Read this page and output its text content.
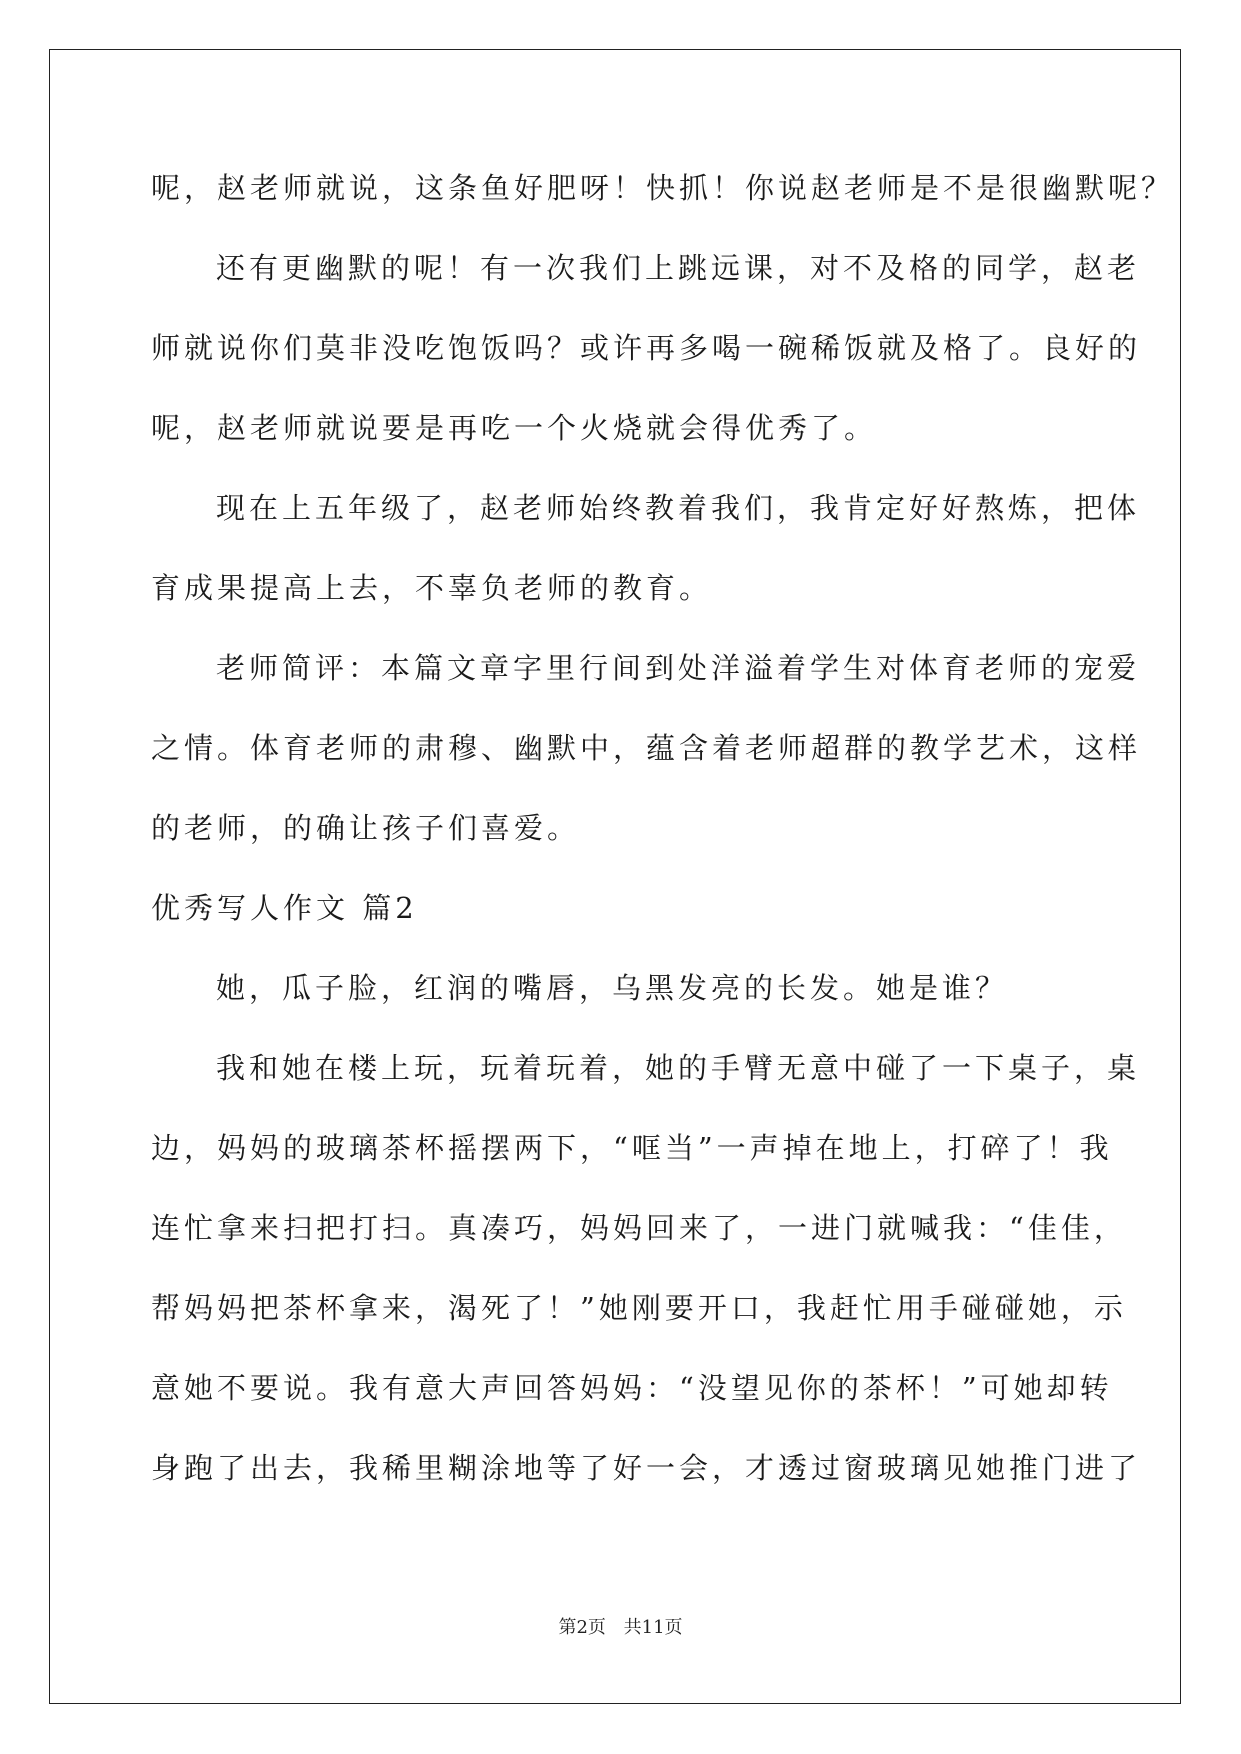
呢，赵老师就说，这条鱼好肥呀！快抓！你说赵老师是不是很幽默呢？
还有更幽默的呢！有一次我们上跳远课，对不及格的同学，赵老
师就说你们莫非没吃饱饭吗？或许再多喝一碗稀饭就及格了。良好的
呢，赵老师就说要是再吃一个火烧就会得优秀了。
现在上五年级了，赵老师始终教着我们，我肯定好好熬炼，把体
育成果提高上去，不辜负老师的教育。
老师简评：本篇文章字里行间到处洋溢着学生对体育老师的宠爱
之情。体育老师的肃穆、幽默中，蕴含着老师超群的教学艺术，这样
的老师，的确让孩子们喜爱。
优秀写人作文 篇2
她，瓜子脸，红润的嘴唇，乌黑发亮的长发。她是谁？
我和她在楼上玩，玩着玩着，她的手臂无意中碰了一下桌子，桌
边，妈妈的玻璃茶杯摇摆两下，“哐当”一声掉在地上，打碎了！我
连忙拿来扫把打扫。真凑巧，妈妈回来了，一进门就喊我：“佳佳，
帮妈妈把茶杯拿来，渴死了！”她刚要开口，我赶忙用手碰碰她，示
意她不要说。我有意大声回答妈妈：“没望见你的茶杯！”可她却转
身跑了出去，我稀里糊涂地等了好一会，才透过窗玻璃见她推门进了
第2页 共11页
